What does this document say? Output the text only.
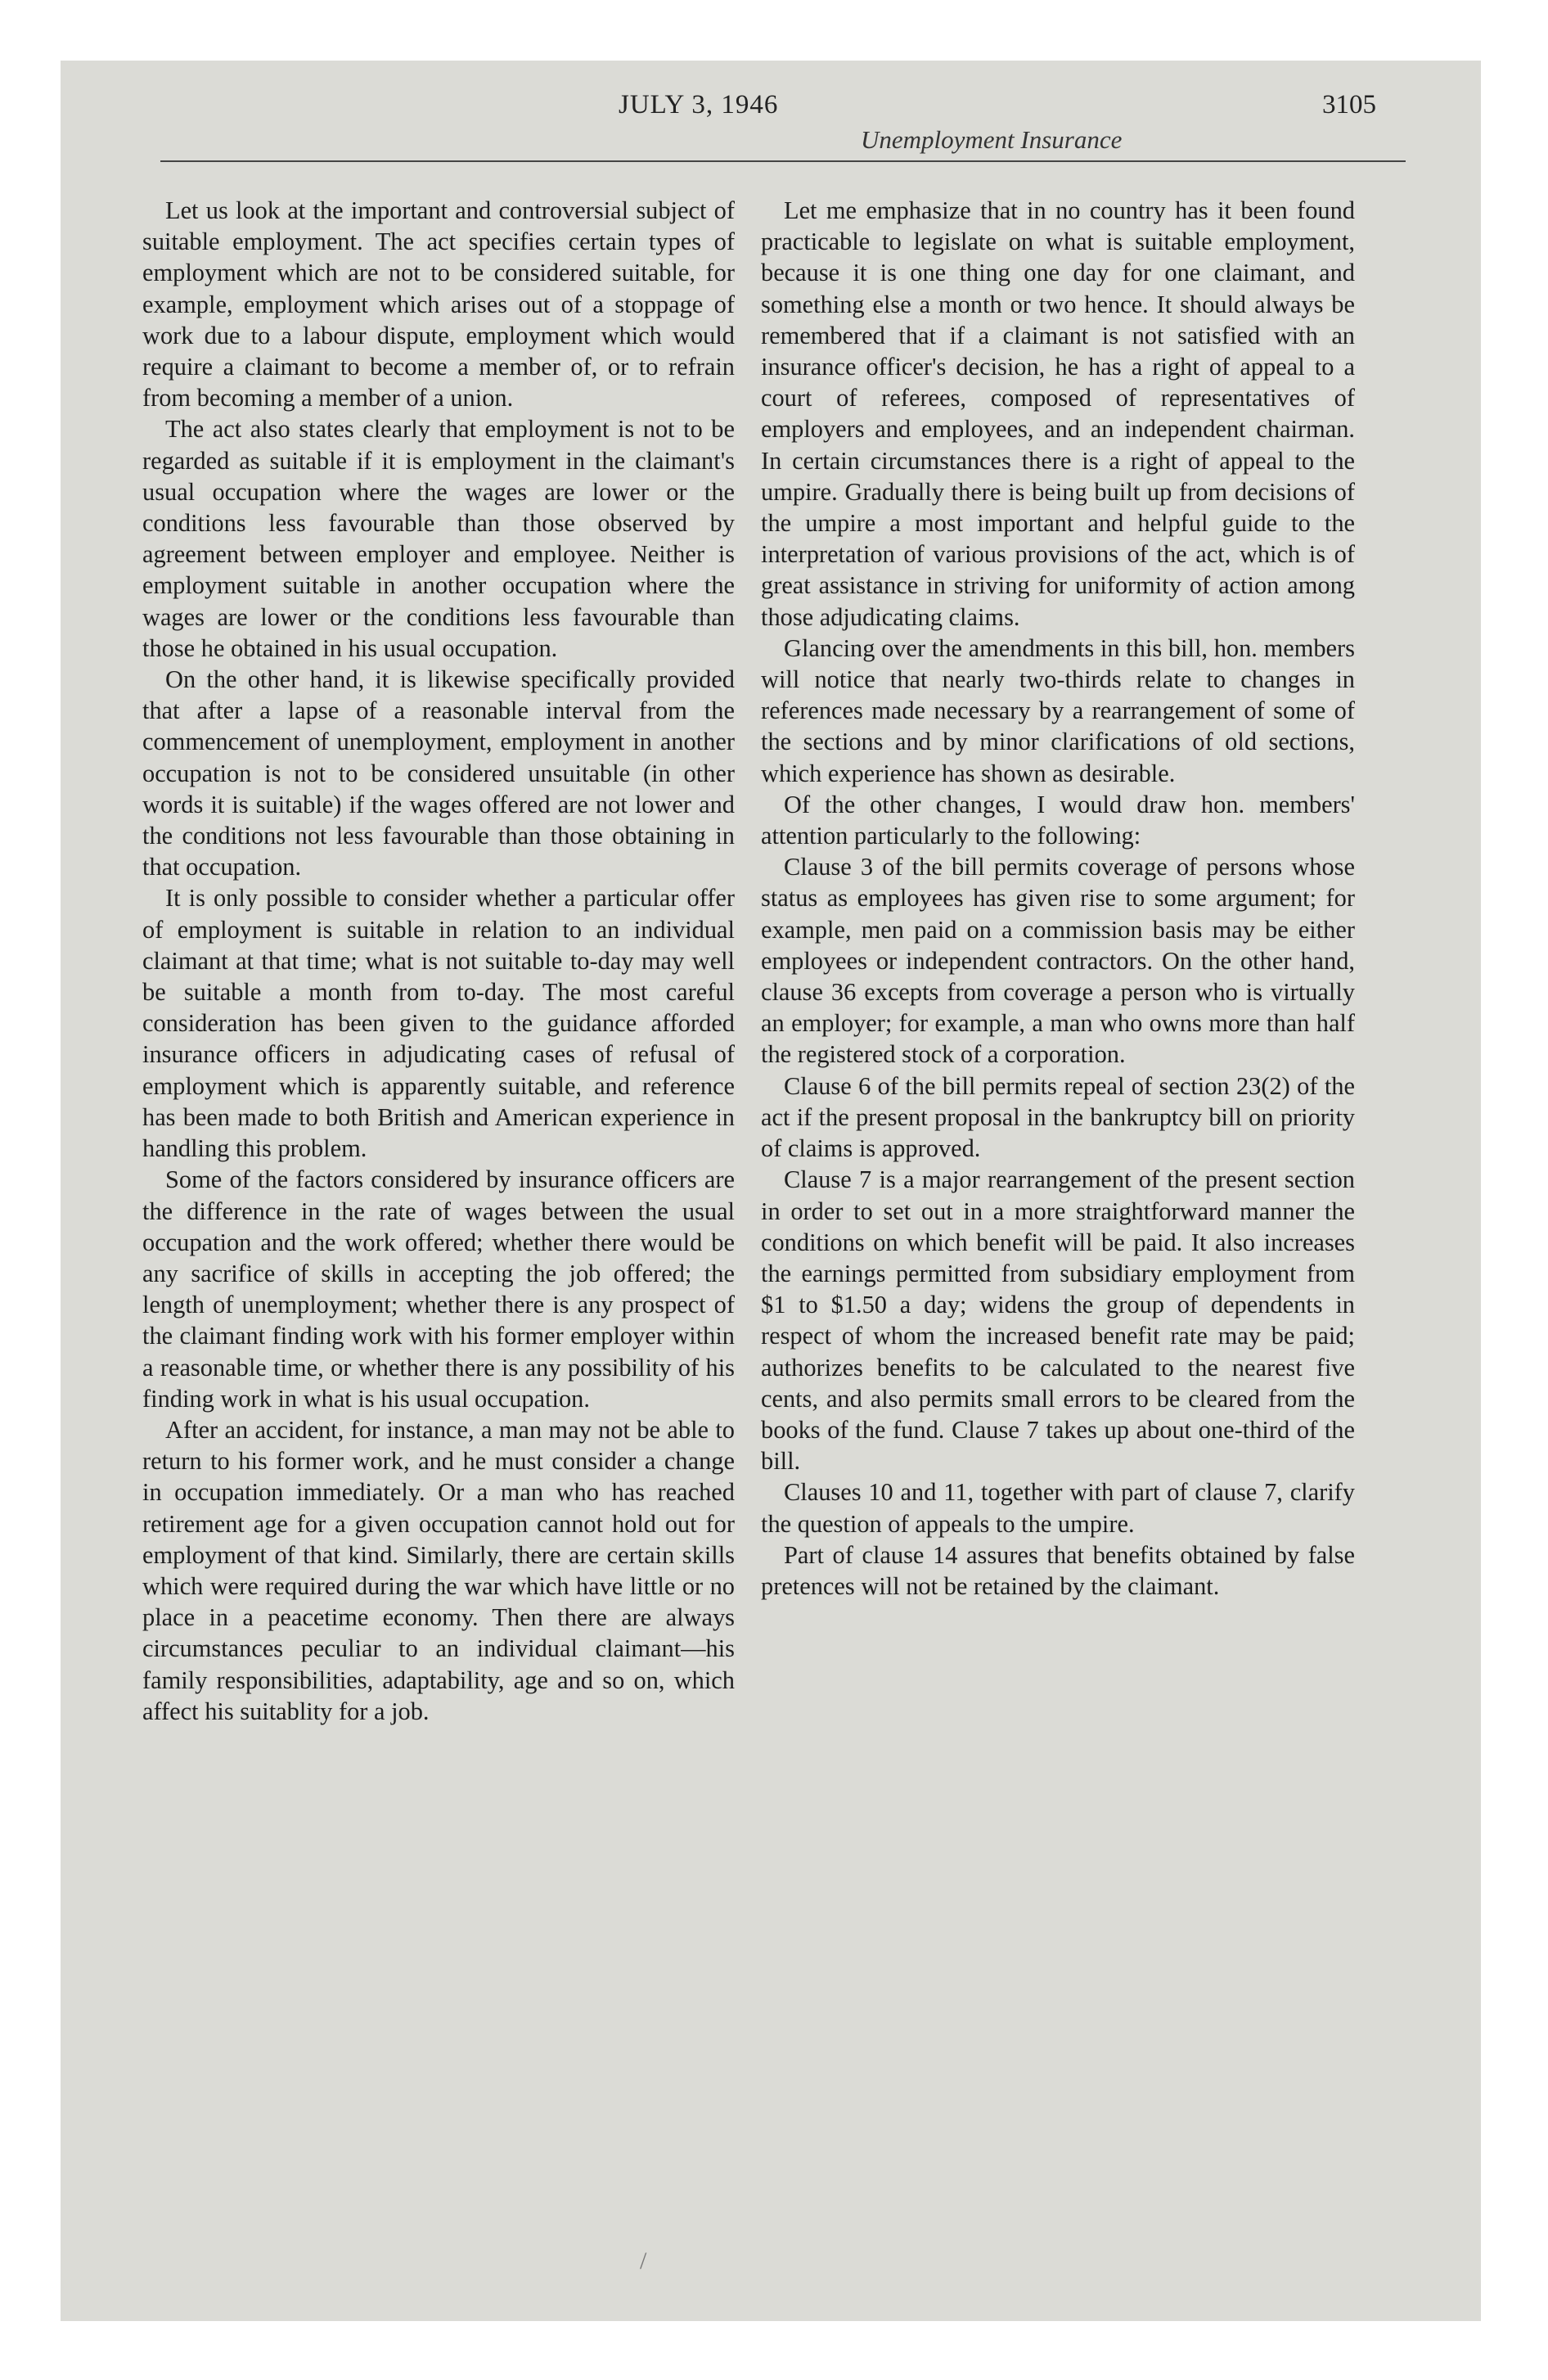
JULY 3, 1946	3105
Unemployment Insurance

Let us look at the important and controversial subject of suitable employment. The act specifies certain types of employment which are not to be considered suitable, for example, employment which arises out of a stoppage of work due to a labour dispute, employment which would require a claimant to become a member of, or to refrain from becoming a member of a union.

The act also states clearly that employment is not to be regarded as suitable if it is employment in the claimant's usual occupation where the wages are lower or the conditions less favourable than those observed by agreement between employer and employee. Neither is employment suitable in another occupation where the wages are lower or the conditions less favourable than those he obtained in his usual occupation.

On the other hand, it is likewise specifically provided that after a lapse of a reasonable interval from the commencement of unemployment, employment in another occupation is not to be considered unsuitable (in other words it is suitable) if the wages offered are not lower and the conditions not less favourable than those obtaining in that occupation.

It is only possible to consider whether a particular offer of employment is suitable in relation to an individual claimant at that time; what is not suitable to-day may well be suitable a month from to-day. The most careful consideration has been given to the guidance afforded insurance officers in adjudicating cases of refusal of employment which is apparently suitable, and reference has been made to both British and American experience in handling this problem.

Some of the factors considered by insurance officers are the difference in the rate of wages between the usual occupation and the work offered; whether there would be any sacrifice of skills in accepting the job offered; the length of unemployment; whether there is any prospect of the claimant finding work with his former employer within a reasonable time, or whether there is any possibility of his finding work in what is his usual occupation.

After an accident, for instance, a man may not be able to return to his former work, and he must consider a change in occupation immediately. Or a man who has reached retirement age for a given occupation cannot hold out for employment of that kind. Similarly, there are certain skills which were required during the war which have little or no place in a peacetime economy. Then there are always circumstances peculiar to an individual claimant—his family responsibilities, adaptability, age and so on, which affect his suitablity for a job.

Let me emphasize that in no country has it been found practicable to legislate on what is suitable employment, because it is one thing one day for one claimant, and something else a month or two hence. It should always be remembered that if a claimant is not satisfied with an insurance officer's decision, he has a right of appeal to a court of referees, composed of representatives of employers and employees, and an independent chairman. In certain circumstances there is a right of appeal to the umpire. Gradually there is being built up from decisions of the umpire a most important and helpful guide to the interpretation of various provisions of the act, which is of great assistance in striving for uniformity of action among those adjudicating claims.

Glancing over the amendments in this bill, hon. members will notice that nearly two-thirds relate to changes in references made necessary by a rearrangement of some of the sections and by minor clarifications of old sections, which experience has shown as desirable.

Of the other changes, I would draw hon. members' attention particularly to the following:

Clause 3 of the bill permits coverage of persons whose status as employees has given rise to some argument; for example, men paid on a commission basis may be either employees or independent contractors. On the other hand, clause 36 excepts from coverage a person who is virtually an employer; for example, a man who owns more than half the registered stock of a corporation.

Clause 6 of the bill permits repeal of section 23(2) of the act if the present proposal in the bankruptcy bill on priority of claims is approved.

Clause 7 is a major rearrangement of the present section in order to set out in a more straightforward manner the conditions on which benefit will be paid. It also increases the earnings permitted from subsidiary employment from $1 to $1.50 a day; widens the group of dependents in respect of whom the increased benefit rate may be paid; authorizes benefits to be calculated to the nearest five cents, and also permits small errors to be cleared from the books of the fund. Clause 7 takes up about one-third of the bill.

Clauses 10 and 11, together with part of clause 7, clarify the question of appeals to the umpire.

Part of clause 14 assures that benefits obtained by false pretences will not be retained by the claimant.

/
